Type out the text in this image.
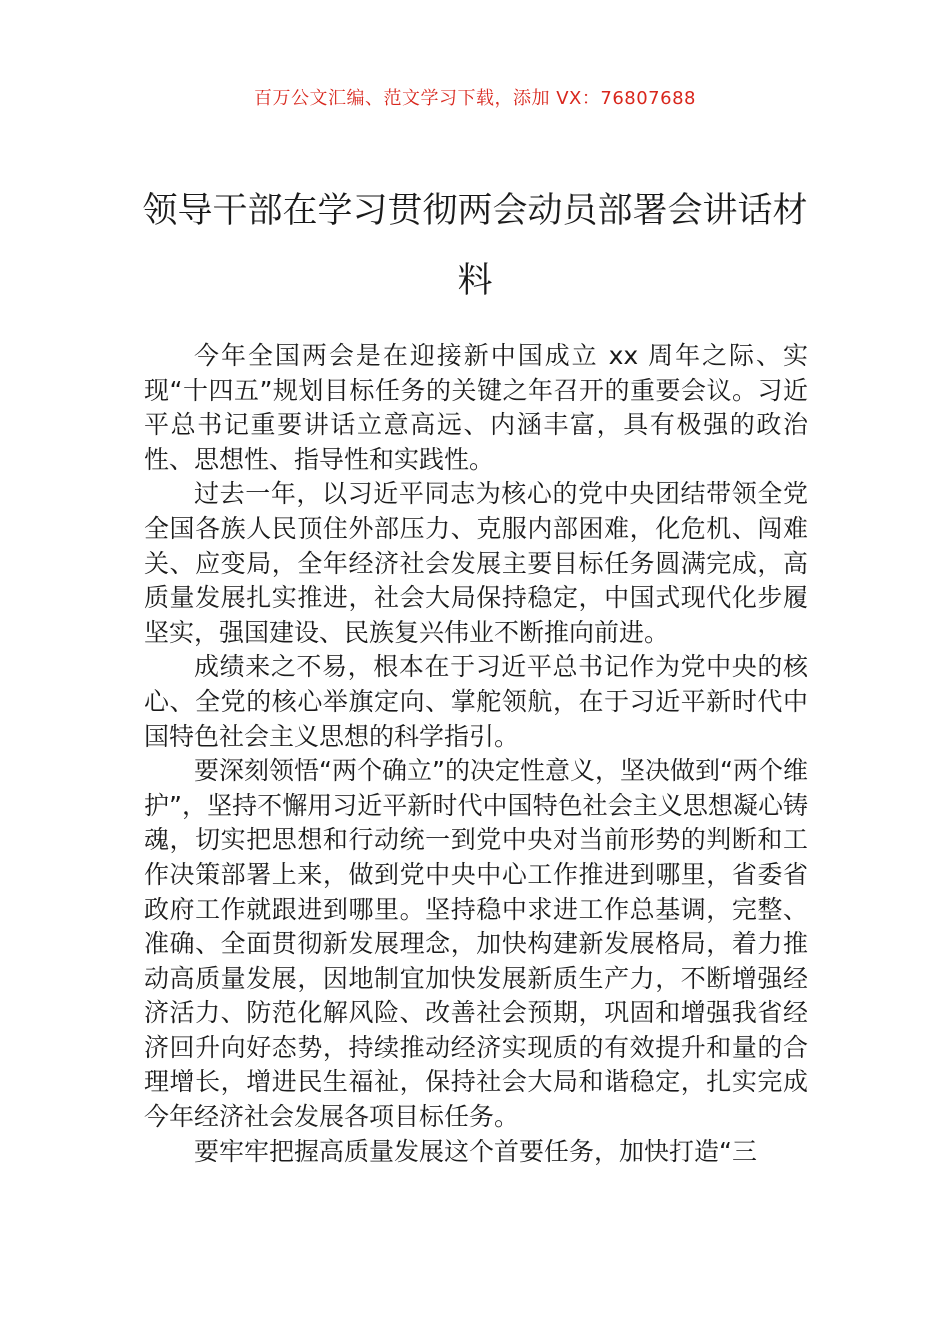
百万公文汇编、范文学习下载，添加 VX：76807688
领导干部在学习贯彻两会动员部署会讲话材料

今年全国两会是在迎接新中国成立 xx 周年之际、实现“十四五”规划目标任务的关键之年召开的重要会议。习近平总书记重要讲话立意高远、内涵丰富，具有极强的政治性、思想性、指导性和实践性。

过去一年，以习近平同志为核心的党中央团结带领全党全国各族人民顶住外部压力、克服内部困难，化危机、闯难关、应变局，全年经济社会发展主要目标任务圆满完成，高质量发展扎实推进，社会大局保持稳定，中国式现代化步履坚实，强国建设、民族复兴伟业不断推向前进。

成绩来之不易，根本在于习近平总书记作为党中央的核心、全党的核心举旗定向、掌舵领航，在于习近平新时代中国特色社会主义思想的科学指引。

要深刻领悟“两个确立”的决定性意义，坚决做到“两个维护”，坚持不懈用习近平新时代中国特色社会主义思想凝心铸魂，切实把思想和行动统一到党中央对当前形势的判断和工作决策部署上来，做到党中央中心工作推进到哪里，省委省政府工作就跟进到哪里。坚持稳中求进工作总基调，完整、准确、全面贯彻新发展理念，加快构建新发展格局，着力推动高质量发展，因地制宜加快发展新质生产力，不断增强经济活力、防范化解风险、改善社会预期，巩固和增强我省经济回升向好态势，持续推动经济实现质的有效提升和量的合理增长，增进民生福祉，保持社会大局和谐稳定，扎实完成今年经济社会发展各项目标任务。

要牢牢把握高质量发展这个首要任务，加快打造“三
